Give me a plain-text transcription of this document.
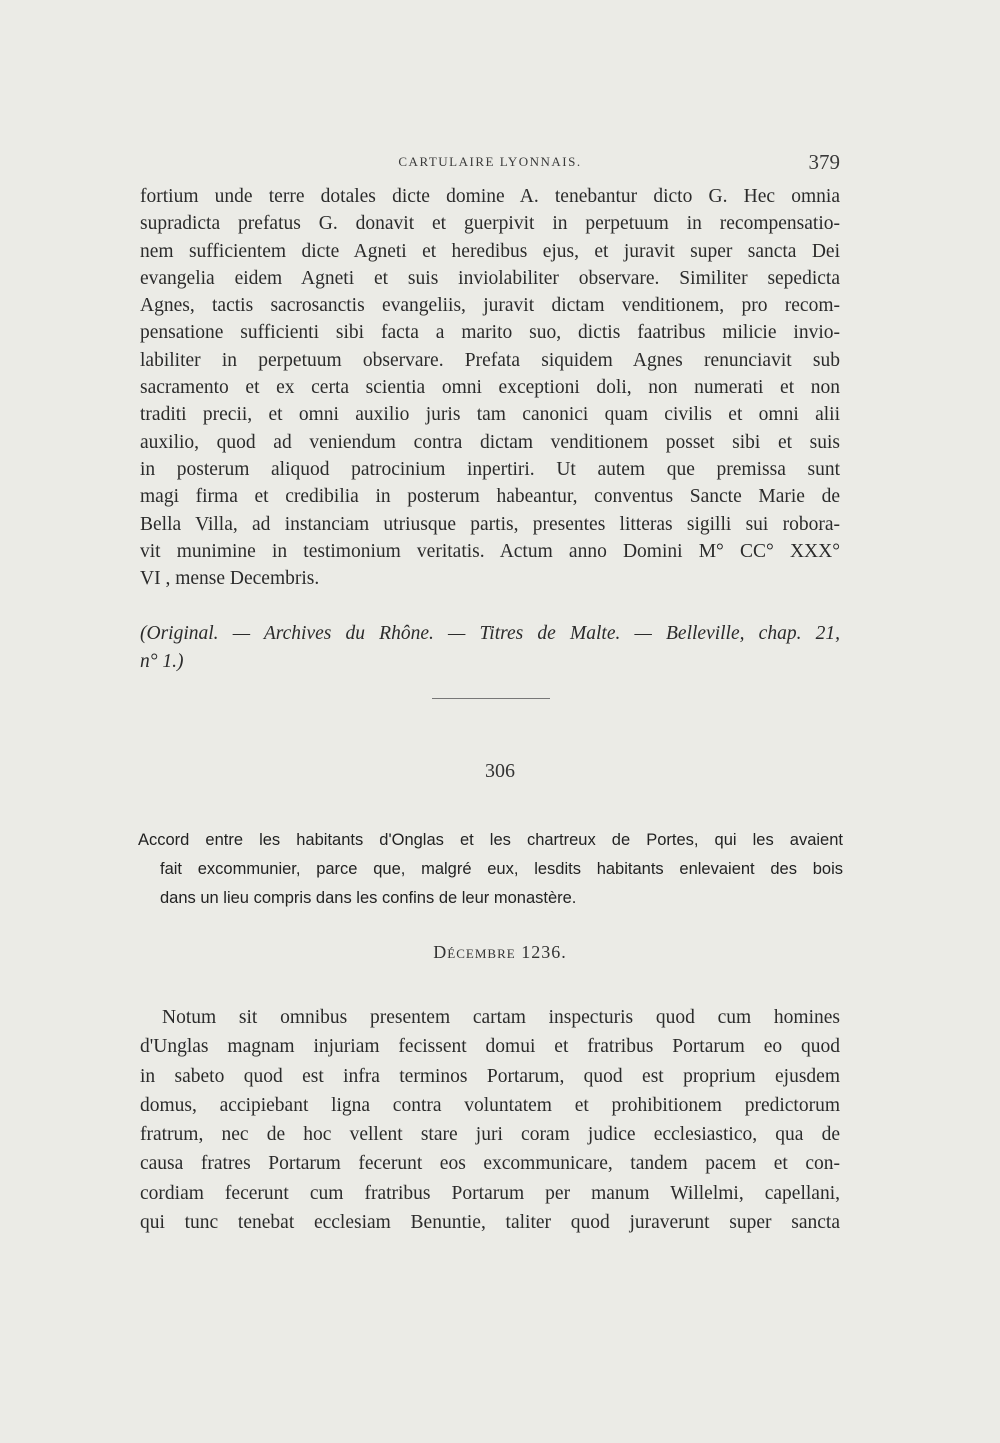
CARTULAIRE LYONNAIS.	379
fortium unde terre dotales dicte domine A. tenebantur dicto G. Hec omnia
supradicta prefatus G. donavit et guerpivit in perpetuum in recompensatio-
nem sufficientem dicte Agneti et heredibus ejus, et juravit super sancta Dei
evangelia eidem Agneti et suis inviolabiliter observare. Similiter sepedicta
Agnes, tactis sacrosanctis evangeliis, juravit dictam venditionem, pro recom-
pensatione sufficienti sibi facta a marito suo, dictis faatribus milicie invio-
labiliter in perpetuum observare. Prefata siquidem Agnes renunciavit sub
sacramento et ex certa scientia omni exceptioni doli, non numerati et non
traditi precii, et omni auxilio juris tam canonici quam civilis et omni alii
auxilio, quod ad veniendum contra dictam venditionem posset sibi et suis
in posterum aliquod patrocinium inpertiri. Ut autem que premissa sunt
magi firma et credibilia in posterum habeantur, conventus Sancte Marie de
Bella Villa, ad instanciam utriusque partis, presentes litteras sigilli sui robora-
vit munimine in testimonium veritatis. Actum anno Domini M° CC° XXX°
VI , mense Decembris.
(Original. — Archives du Rhône. — Titres de Malte. — Belleville, chap. 21,
n° 1.)
306
Accord entre les habitants d'Onglas et les chartreux de Portes, qui les avaient
fait excommunier, parce que, malgré eux, lesdits habitants enlevaient des bois
dans un lieu compris dans les confins de leur monastère.
Décembre 1236.
Notum sit omnibus presentem cartam inspecturis quod cum homines
d'Unglas magnam injuriam fecissent domui et fratribus Portarum eo quod
in sabeto quod est infra terminos Portarum, quod est proprium ejusdem
domus, accipiebant ligna contra voluntatem et prohibitionem predictorum
fratrum, nec de hoc vellent stare juri coram judice ecclesiastico, qua de
causa fratres Portarum fecerunt eos excommunicare, tandem pacem et con-
cordiam fecerunt cum fratribus Portarum per manum Willelmi, capellani,
qui tunc tenebat ecclesiam Benuntie, taliter quod juraverunt super sancta
